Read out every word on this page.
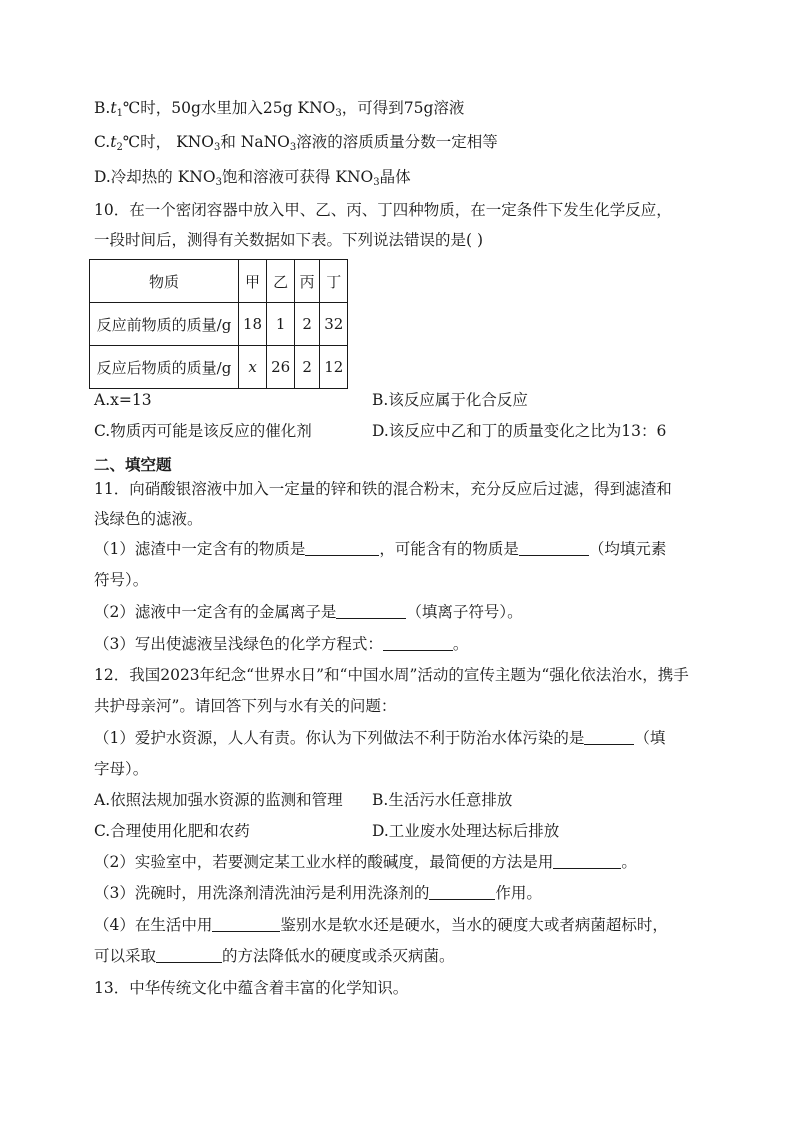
$B.t_1℃$时，50g水里加入25g $KNO_3$，可得到75g溶液
$C.t_2℃$时， $KNO_3$和 NaNO$_3$溶液的溶质质量分数一定相等
D.冷却热的 $KNO_3$饱和溶液可获得 $KNO_3$晶体
10．在一个密闭容器中放入甲、乙、丙、丁四种物质，在一定条件下发生化学反应，
一段时间后，测得有关数据如下表。下列说法错误的是( )
物质	甲	乙	丙	丁
反应前物质的质量/g	18	1	2	32
反应后物质的质量/g	x	26	2	12
A.x=13	B.该反应属于化合反应
C.物质丙可能是该反应的催化剂	D.该反应中乙和丁的质量变化之比为13：6
二、填空题
11．向硝酸银溶液中加入一定量的锌和铁的混合粉末，充分反应后过滤，得到滤渣和
浅绿色的滤液。
（1）滤渣中一定含有的物质是	，可能含有的物质是	（均填元素
符号）。
（2）滤液中一定含有的金属离子是	（填离子符号）。
（3）写出使滤液呈浅绿色的化学方程式：	。
12．我国2023年纪念“世界水日”和“中国水周”活动的宣传主题为“强化依法治水，携手
共护母亲河”。请回答下列与水有关的问题：
（1）爱护水资源，人人有责。你认为下列做法不利于防治水体污染的是	（填
字母）。
A.依照法规加强水资源的监测和管理 B.生活污水任意排放
C.合理使用化肥和农药	D.工业废水处理达标后排放
（2）实验室中，若要测定某工业水样的酸碱度，最简便的方法是用	。
（3）洗碗时，用洗涤剂清洗油污是利用洗涤剂的	作用。
（4）在生活中用	鉴别水是软水还是硬水，当水的硬度大或者病菌超标时，
可以采取	的方法降低水的硬度或杀灭病菌。
13．中华传统文化中蕴含着丰富的化学知识。
